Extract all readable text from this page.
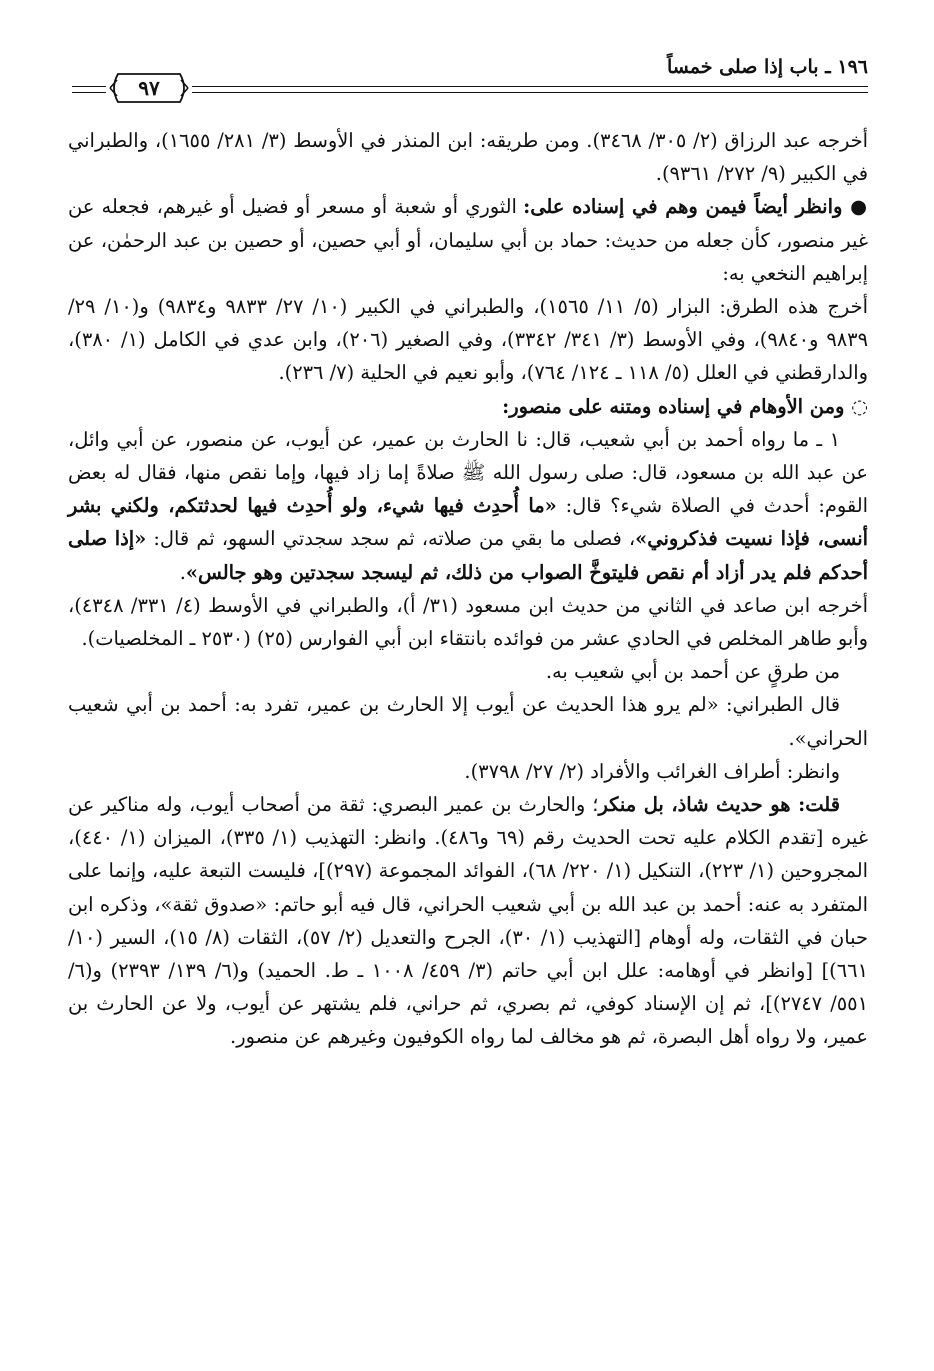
١٩٦ ـ باب إذا صلى خمساً
٩٧

أخرجه عبد الرزاق (٢/ ٣٠٥/ ٣٤٦٨). ومن طريقه: ابن المنذر في الأوسط (٣/ ٢٨١/ ١٦٥٥)، والطبراني في الكبير (٩/ ٢٧٢/ ٩٣٦١).

● وانظر أيضاً فيمن وهم في إسناده على: الثوري أو شعبة أو مسعر أو فضيل أو غيرهم، فجعله عن غير منصور، كأن جعله من حديث: حماد بن أبي سليمان، أو أبي حصين، أو حصين بن عبد الرحمٰن، عن إبراهيم النخعي به:

أخرج هذه الطرق: البزار (٥/ ١١/ ١٥٦٥)، والطبراني في الكبير (١٠/ ٢٧/ ٩٨٣٣ و٩٨٣٤) و(١٠/ ٢٩/ ٩٨٣٩ و٩٨٤٠)، وفي الأوسط (٣/ ٣٤١/ ٣٣٤٢)، وفي الصغير (٢٠٦)، وابن عدي في الكامل (١/ ٣٨٠)، والدارقطني في العلل (٥/ ١١٨ ـ ١٢٤/ ٧٦٤)، وأبو نعيم في الحلية (٧/ ٢٣٦).

◌ ومن الأوهام في إسناده ومتنه على منصور:

١ ـ ما رواه أحمد بن أبي شعيب، قال: نا الحارث بن عمير، عن أيوب، عن منصور، عن أبي وائل، عن عبد الله بن مسعود، قال: صلى رسول الله ﷺ صلاةً إما زاد فيها، وإما نقص منها، فقال له بعض القوم: أحدث في الصلاة شيء؟ قال: «ما أُحدِث فيها شيء، ولو أُحدِث فيها لحدثتكم، ولكني بشر أنسى، فإذا نسيت فذكروني»، فصلى ما بقي من صلاته، ثم سجد سجدتي السهو، ثم قال: «إذا صلى أحدكم فلم يدر أزاد أم نقص فليتوخَّ الصواب من ذلك، ثم ليسجد سجدتين وهو جالس».

أخرجه ابن صاعد في الثاني من حديث ابن مسعود (٣١/ أ)، والطبراني في الأوسط (٤/ ٣٣١/ ٤٣٤٨)، وأبو طاهر المخلص في الحادي عشر من فوائده بانتقاء ابن أبي الفوارس (٢٥) (٢٥٣٠ ـ المخلصيات).

من طرقٍ عن أحمد بن أبي شعيب به.

قال الطبراني: «لم يرو هذا الحديث عن أيوب إلا الحارث بن عمير، تفرد به: أحمد بن أبي شعيب الحراني».

وانظر: أطراف الغرائب والأفراد (٢/ ٢٧/ ٣٧٩٨).

قلت: هو حديث شاذ، بل منكر؛ والحارث بن عمير البصري: ثقة من أصحاب أيوب، وله مناكير عن غيره [تقدم الكلام عليه تحت الحديث رقم (٦٩ و٤٨٦). وانظر: التهذيب (١/ ٣٣٥)، الميزان (١/ ٤٤٠)، المجروحين (١/ ٢٢٣)، التنكيل (١/ ٢٢٠/ ٦٨)، الفوائد المجموعة (٢٩٧)]، فليست التبعة عليه، وإنما على المتفرد به عنه: أحمد بن عبد الله بن أبي شعيب الحراني، قال فيه أبو حاتم: «صدوق ثقة»، وذكره ابن حبان في الثقات، وله أوهام [التهذيب (١/ ٣٠)، الجرح والتعديل (٢/ ٥٧)، الثقات (٨/ ١٥)، السير (١٠/ ٦٦١)] [وانظر في أوهامه: علل ابن أبي حاتم (٣/ ٤٥٩/ ١٠٠٨ ـ ط. الحميد) و(٦/ ١٣٩/ ٢٣٩٣) و(٦/ ٥٥١/ ٢٧٤٧)]، ثم إن الإسناد كوفي، ثم بصري، ثم حراني، فلم يشتهر عن أيوب، ولا عن الحارث بن عمير، ولا رواه أهل البصرة، ثم هو مخالف لما رواه الكوفيون وغيرهم عن منصور.
